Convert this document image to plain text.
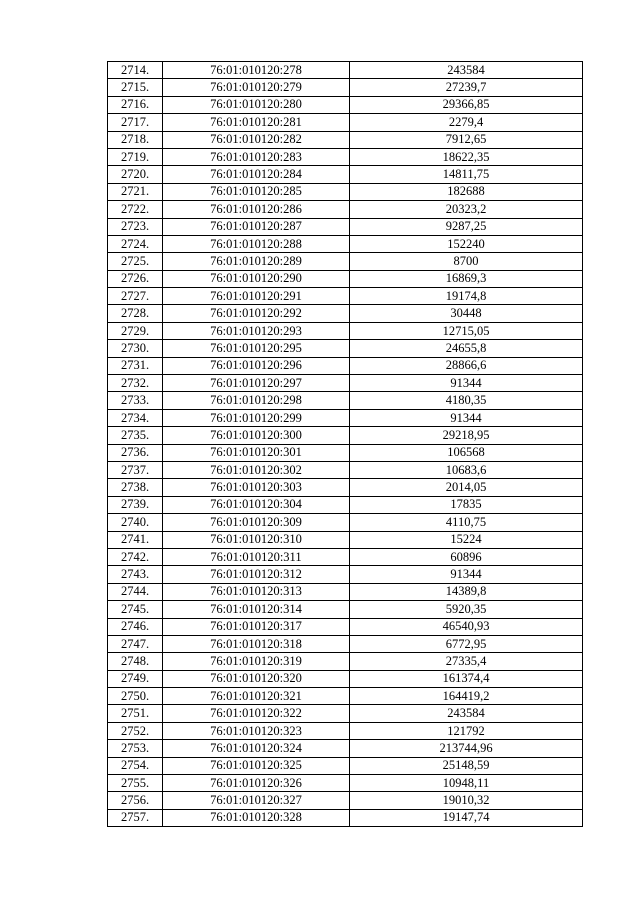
2714.	76:01:010120:278	243584
2715.	76:01:010120:279	27239,7
2716.	76:01:010120:280	29366,85
2717.	76:01:010120:281	2279,4
2718.	76:01:010120:282	7912,65
2719.	76:01:010120:283	18622,35
2720.	76:01:010120:284	14811,75
2721.	76:01:010120:285	182688
2722.	76:01:010120:286	20323,2
2723.	76:01:010120:287	9287,25
2724.	76:01:010120:288	152240
2725.	76:01:010120:289	8700
2726.	76:01:010120:290	16869,3
2727.	76:01:010120:291	19174,8
2728.	76:01:010120:292	30448
2729.	76:01:010120:293	12715,05
2730.	76:01:010120:295	24655,8
2731.	76:01:010120:296	28866,6
2732.	76:01:010120:297	91344
2733.	76:01:010120:298	4180,35
2734.	76:01:010120:299	91344
2735.	76:01:010120:300	29218,95
2736.	76:01:010120:301	106568
2737.	76:01:010120:302	10683,6
2738.	76:01:010120:303	2014,05
2739.	76:01:010120:304	17835
2740.	76:01:010120:309	4110,75
2741.	76:01:010120:310	15224
2742.	76:01:010120:311	60896
2743.	76:01:010120:312	91344
2744.	76:01:010120:313	14389,8
2745.	76:01:010120:314	5920,35
2746.	76:01:010120:317	46540,93
2747.	76:01:010120:318	6772,95
2748.	76:01:010120:319	27335,4
2749.	76:01:010120:320	161374,4
2750.	76:01:010120:321	164419,2
2751.	76:01:010120:322	243584
2752.	76:01:010120:323	121792
2753.	76:01:010120:324	213744,96
2754.	76:01:010120:325	25148,59
2755.	76:01:010120:326	10948,11
2756.	76:01:010120:327	19010,32
2757.	76:01:010120:328	19147,74
